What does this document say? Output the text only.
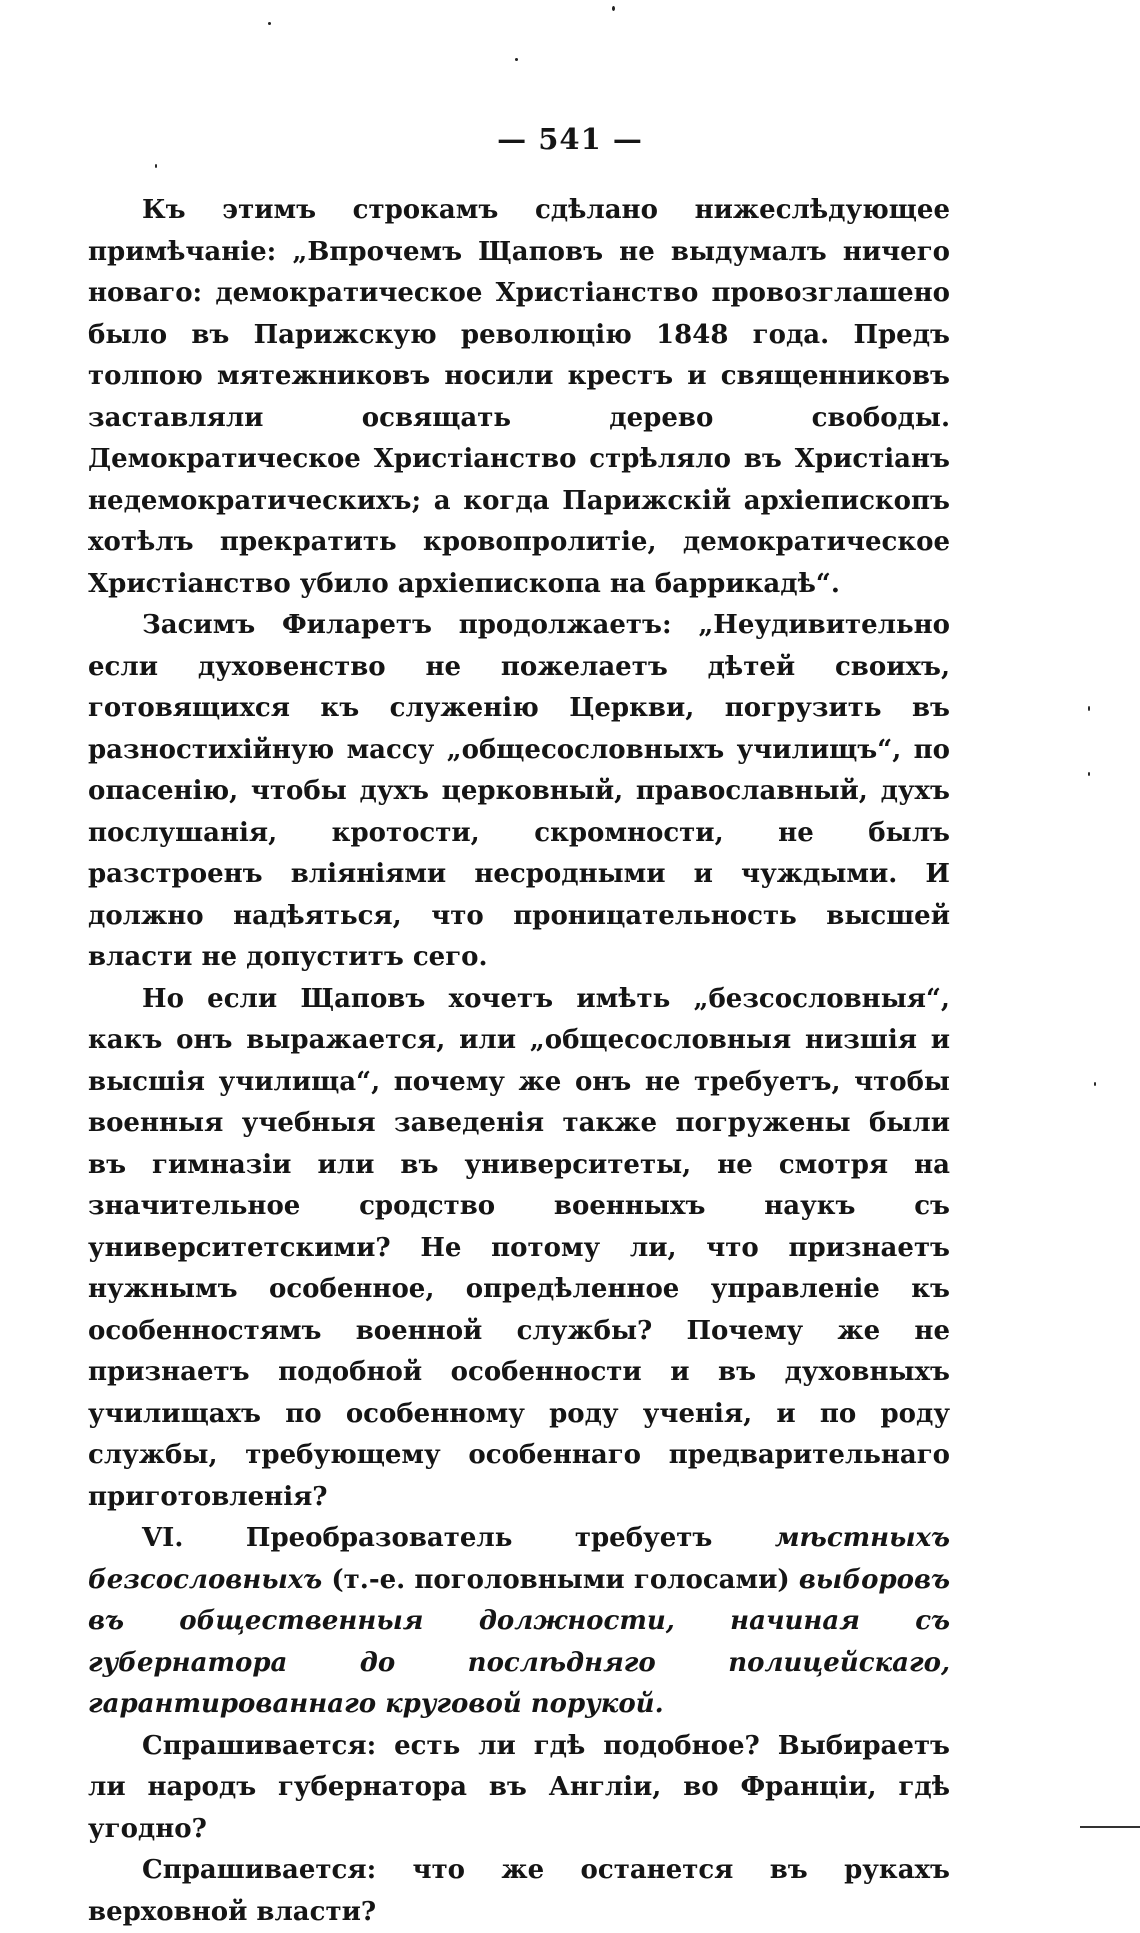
— 541 —

Къ этимъ строкамъ сдѣлано нижеслѣдующее примѣчаніе: „Впрочемъ Щаповъ не выдумалъ ничего новаго: демократическое Христіанство провозглашено было въ Парижскую революцію 1848 года. Предъ толпою мятежниковъ носили крестъ и священниковъ заставляли освящать дерево свободы. Демократическое Христіанство стрѣляло въ Христіанъ недемократическихъ; а когда Парижскій архіепископъ хотѣлъ прекратить кровопролитіе, демократическое Христіанство убило архіепископа на баррикадѣ“.

Засимъ Филаретъ продолжаетъ: „Неудивительно если духовенство не пожелаетъ дѣтей своихъ, готовящихся къ служенію Церкви, погрузить въ разностихійную массу „общесословныхъ училищъ“, по опасенію, чтобы духъ церковный, православный, духъ послушанія, кротости, скромности, не былъ разстроенъ вліяніями несродными и чуждыми. И должно надѣяться, что проницательность высшей власти не допуститъ сего.

Но если Щаповъ хочетъ имѣть „безсословныя“, какъ онъ выражается, или „общесословныя низшія и высшія училища“, почему же онъ не требуетъ, чтобы военныя учебныя заведенія также погружены были въ гимназіи или въ университеты, не смотря на значительное сродство военныхъ наукъ съ университетскими? Не потому ли, что признаетъ нужнымъ особенное, опредѣленное управленіе къ особенностямъ военной службы? Почему же не признаетъ подобной особенности и въ духовныхъ училищахъ по особенному роду ученія, и по роду службы, требующему особеннаго предварительнаго приготовленія?

VI. Преобразователь требуетъ мѣстныхъ безсословныхъ (т.-е. поголовными голосами) выборовъ въ общественныя должности, начиная съ губернатора до послѣдняго полицейскаго, гарантированнаго круговой порукой.

Спрашивается: есть ли гдѣ подобное? Выбираетъ ли народъ губернатора въ Англіи, во Франціи, гдѣ угодно?

Спрашивается: что же останется въ рукахъ верховной власти?
